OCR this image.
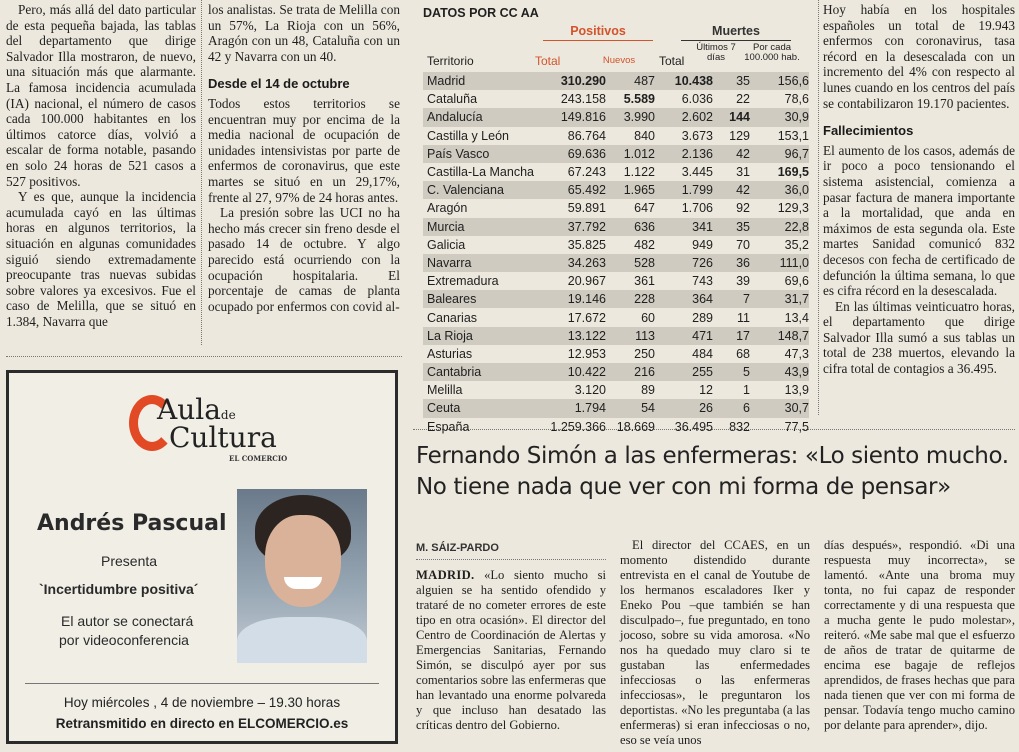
Pero, más allá del dato particular de esta pequeña bajada, las tablas del departamento que dirige Salvador Illa mostraron, de nuevo, una situación más que alarmante. La famosa incidencia acumulada (IA) nacional, el número de casos cada 100.000 habitantes en los últimos catorce días, volvió a escalar de forma notable, pasando en solo 24 horas de 521 casos a 527 positivos.

Y es que, aunque la incidencia acumulada cayó en las últimas horas en algunos territorios, la situación en algunas comunidades siguió siendo extremadamente preocupante tras nuevas subidas sobre valores ya excesivos. Fue el caso de Melilla, que se situó en 1.384, Navarra que

los analistas. Se trata de Melilla con un 57%, La Rioja con un 56%, Aragón con un 48, Cataluña con un 42 y Navarra con un 40.

Desde el 14 de octubre

Todos estos territorios se encuentran muy por encima de la media nacional de ocupación de unidades intensivistas por parte de enfermos de coronavirus, que este martes se situó en un 29,17%, frente al 27, 97% de 24 horas antes.

La presión sobre las UCI no ha hecho más crecer sin freno desde el pasado 14 de octubre. Y algo parecido está ocurriendo con la ocupación hospitalaria. El porcentaje de camas de planta ocupado por enfermos con covid al-

Hoy había en los hospitales españoles un total de 19.943 enfermos con coronavirus, tasa récord en la desescalada con un incremento del 4% con respecto al lunes cuando en los centros del país se contabilizaron 19.170 pacientes.

Fallecimientos

El aumento de los casos, además de ir poco a poco tensionando el sistema asistencial, comienza a pasar factura de manera importante a la mortalidad, que anda en máximos de esta segunda ola. Este martes Sanidad comunicó 832 decesos con fecha de certificado de defunción la última semana, lo que es cifra récord en la desescalada.

En las últimas veinticuatro horas, el departamento que dirige Salvador Illa sumó a sus tablas un total de 238 muertos, elevando la cifra total de contagios a 36.495.

DATOS POR CC AA
Positivos	Muertes
Territorio	Total	Nuevos	Total
Últimos 7 días
Por cada 100.000 hab.
Madrid	310.290	487	10.438	35	156,6
Cataluña	243.158	5.589	6.036	22	78,6
Andalucía	149.816	3.990	2.602	144	30,9
Castilla y León	86.764	840	3.673	129	153,1
País Vasco	69.636	1.012	2.136	42	96,7
Castilla-La Mancha	67.243	1.122	3.445	31	169,5
C. Valenciana	65.492	1.965	1.799	42	36,0
Aragón	59.891	647	1.706	92	129,3
Murcia	37.792	636	341	35	22,8
Galicia	35.825	482	949	70	35,2
Navarra	34.263	528	726	36	111,0
Extremadura	20.967	361	743	39	69,6
Baleares	19.146	228	364	7	31,7
Canarias	17.672	60	289	11	13,4
La Rioja	13.122	113	471	17	148,7
Asturias	12.953	250	484	68	47,3
Cantabria	10.422	216	255	5	43,9
Melilla	3.120	89	12	1	13,9
Ceuta	1.794	54	26	6	30,7
España	1.259.366 18.669	36.495	832	77,5
Aulade
Cultura
EL COMERCIO
Andrés Pascual
Presenta
`Incertidumbre positiva´
El autor se conectará
por videoconferencia
Hoy miércoles , 4 de noviembre – 19.30 horas
Retransmitido en directo en ELCOMERCIO.es
Fernando Simón a las enfermeras: «Lo siento mucho. No tiene nada que ver con mi forma de pensar»
M. SÁIZ-PARDO

MADRID. «Lo siento mucho si alguien se ha sentido ofendido y trataré de no cometer errores de este tipo en otra ocasión». El director del Centro de Coordinación de Alertas y Emergencias Sanitarias, Fernando Simón, se disculpó ayer por sus comentarios sobre las enfermeras que han levantado una enorme polvareda y que incluso han desatado las críticas dentro del Gobierno.

El director del CCAES, en un momento distendido durante entrevista en el canal de Youtube de los hermanos escaladores Iker y Eneko Pou –que también se han disculpado–, fue preguntado, en tono jocoso, sobre su vida amorosa. «No nos ha quedado muy claro si te gustaban las enfermedades infecciosas o las enfermeras infecciosas», le preguntaron los deportistas. «No les preguntaba (a las enfermeras) si eran infecciosas o no, eso se veía unos

días después», respondió. «Di una respuesta muy incorrecta», se lamentó. «Ante una broma muy tonta, no fui capaz de responder correctamente y di una respuesta que a mucha gente le pudo molestar», reiteró. «Me sabe mal que el esfuerzo de años de tratar de quitarme de encima ese bagaje de reflejos aprendidos, de frases hechas que para nada tienen que ver con mi forma de pensar. Todavía tengo mucho camino por delante para aprender», dijo.
